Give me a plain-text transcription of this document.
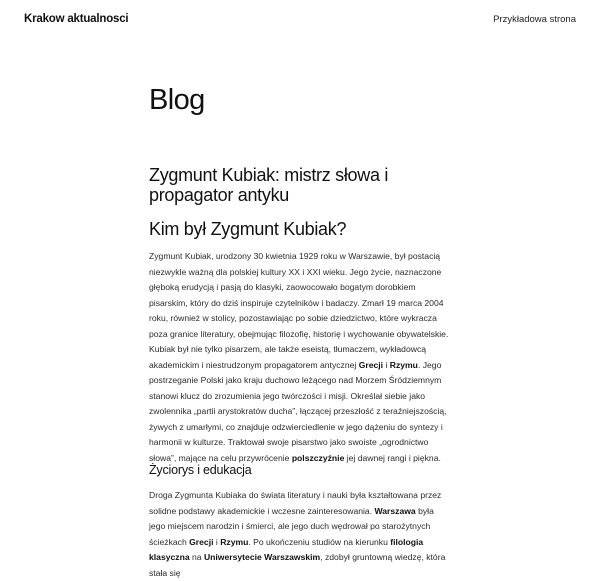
Krakow aktualnosci	Przykładowa strona
Blog
Zygmunt Kubiak: mistrz słowa i propagator antyku
Kim był Zygmunt Kubiak?

Zygmunt Kubiak, urodzony 30 kwietnia 1929 roku w Warszawie, był postacią niezwykle ważną dla polskiej kultury XX i XXI wieku. Jego życie, naznaczone głęboką erudycją i pasją do klasyki, zaowocowało bogatym dorobkiem pisarskim, który do dziś inspiruje czytelników i badaczy. Zmarł 19 marca 2004 roku, również w stolicy, pozostawiając po sobie dziedzictwo, które wykracza poza granice literatury, obejmując filozofię, historię i wychowanie obywatelskie. Kubiak był nie tylko pisarzem, ale także eseistą, tłumaczem, wykładowcą akademickim i niestrudzonym propagatorem antycznej Grecji i Rzymu. Jego postrzeganie Polski jako kraju duchowo leżącego nad Morzem Śródziemnym stanowi klucz do zrozumienia jego twórczości i misji. Określał siebie jako zwolennika „partii arystokratów ducha”, łączącej przeszłość z teraźniejszością, żywych z umarłymi, co znajduje odzwierciedlenie w jego dążeniu do syntezy i harmonii w kulturze. Traktował swoje pisarstwo jako swoiste „ogrodnictwo słowa”, mające na celu przywrócenie polszczyźnie jej dawnej rangi i piękna.

Życiorys i edukacja

Droga Zygmunta Kubiaka do świata literatury i nauki była kształtowana przez solidne podstawy akademickie i wczesne zainteresowania. Warszawa była jego miejscem narodzin i śmierci, ale jego duch wędrował po starożytnych ścieżkach Grecji i Rzymu. Po ukończeniu studiów na kierunku filologia klasyczna na Uniwersytecie Warszawskim, zdobył gruntowną wiedzę, która stała się
